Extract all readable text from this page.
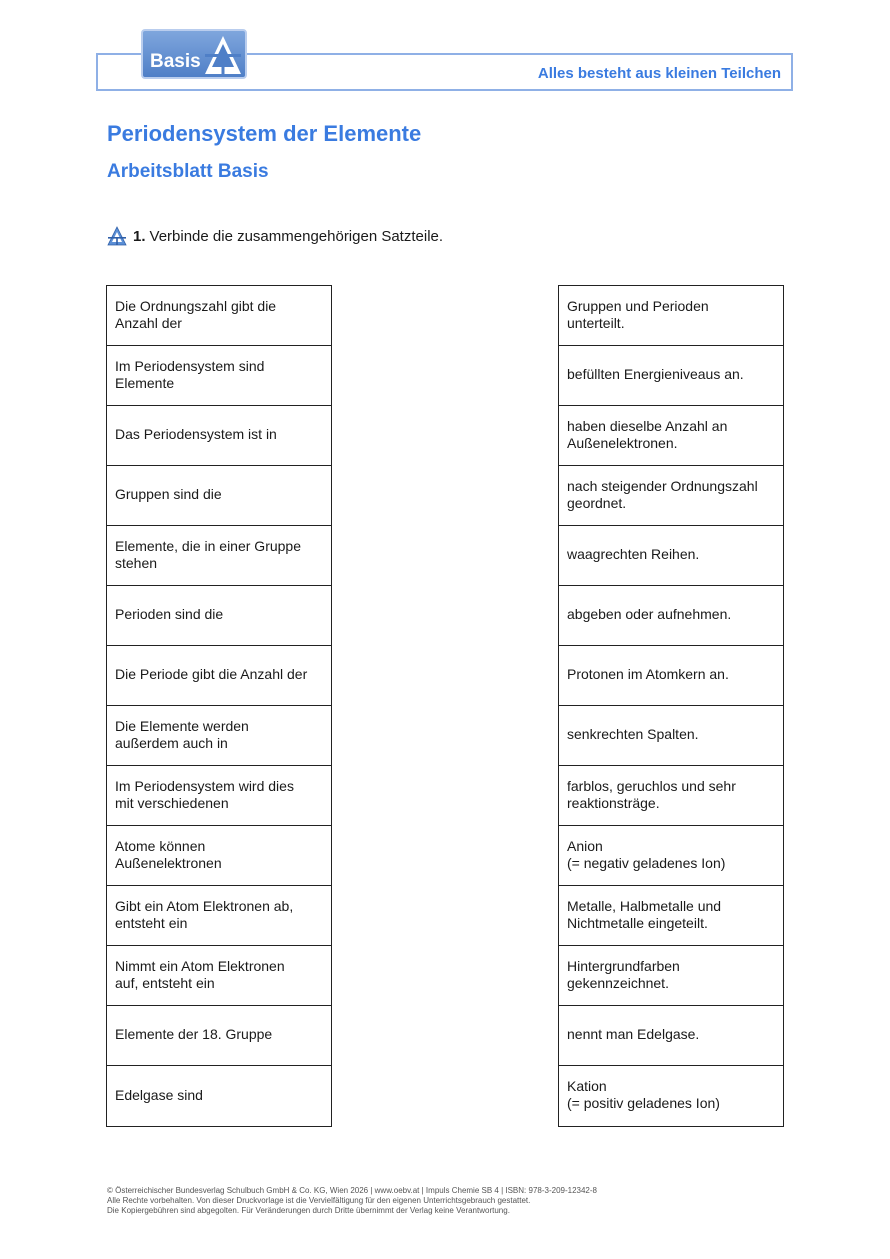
Alles besteht aus kleinen Teilchen
Basis
Periodensystem der Elemente
Arbeitsblatt Basis
1. Verbinde die zusammengehörigen Satzteile.
Die Ordnungszahl gibt die
Anzahl der
Im Periodensystem sind
Elemente
Das Periodensystem ist in
Gruppen sind die
Elemente, die in einer Gruppe
stehen
Perioden sind die
Die Periode gibt die Anzahl der
Die Elemente werden
außerdem auch in
Im Periodensystem wird dies
mit verschiedenen
Atome können
Außenelektronen
Gibt ein Atom Elektronen ab,
entsteht ein
Nimmt ein Atom Elektronen
auf, entsteht ein
Elemente der 18. Gruppe
Edelgase sind
Gruppen und Perioden
unterteilt.
befüllten Energieniveaus an.
haben dieselbe Anzahl an
Außenelektronen.
nach steigender Ordnungszahl
geordnet.
waagrechten Reihen.
abgeben oder aufnehmen.
Protonen im Atomkern an.
senkrechten Spalten.
farblos, geruchlos und sehr
reaktionsträge.
Anion
(= negativ geladenes Ion)
Metalle, Halbmetalle und
Nichtmetalle eingeteilt.
Hintergrundfarben
gekennzeichnet.
nennt man Edelgase.
Kation
(= positiv geladenes Ion)
© Österreichischer Bundesverlag Schulbuch GmbH & Co. KG, Wien 2026 | www.oebv.at | Impuls Chemie SB 4 | ISBN: 978-3-209-12342-8
Alle Rechte vorbehalten. Von dieser Druckvorlage ist die Vervielfältigung für den eigenen Unterrichtsgebrauch gestattet.
Die Kopiergebühren sind abgegolten. Für Veränderungen durch Dritte übernimmt der Verlag keine Verantwortung.
